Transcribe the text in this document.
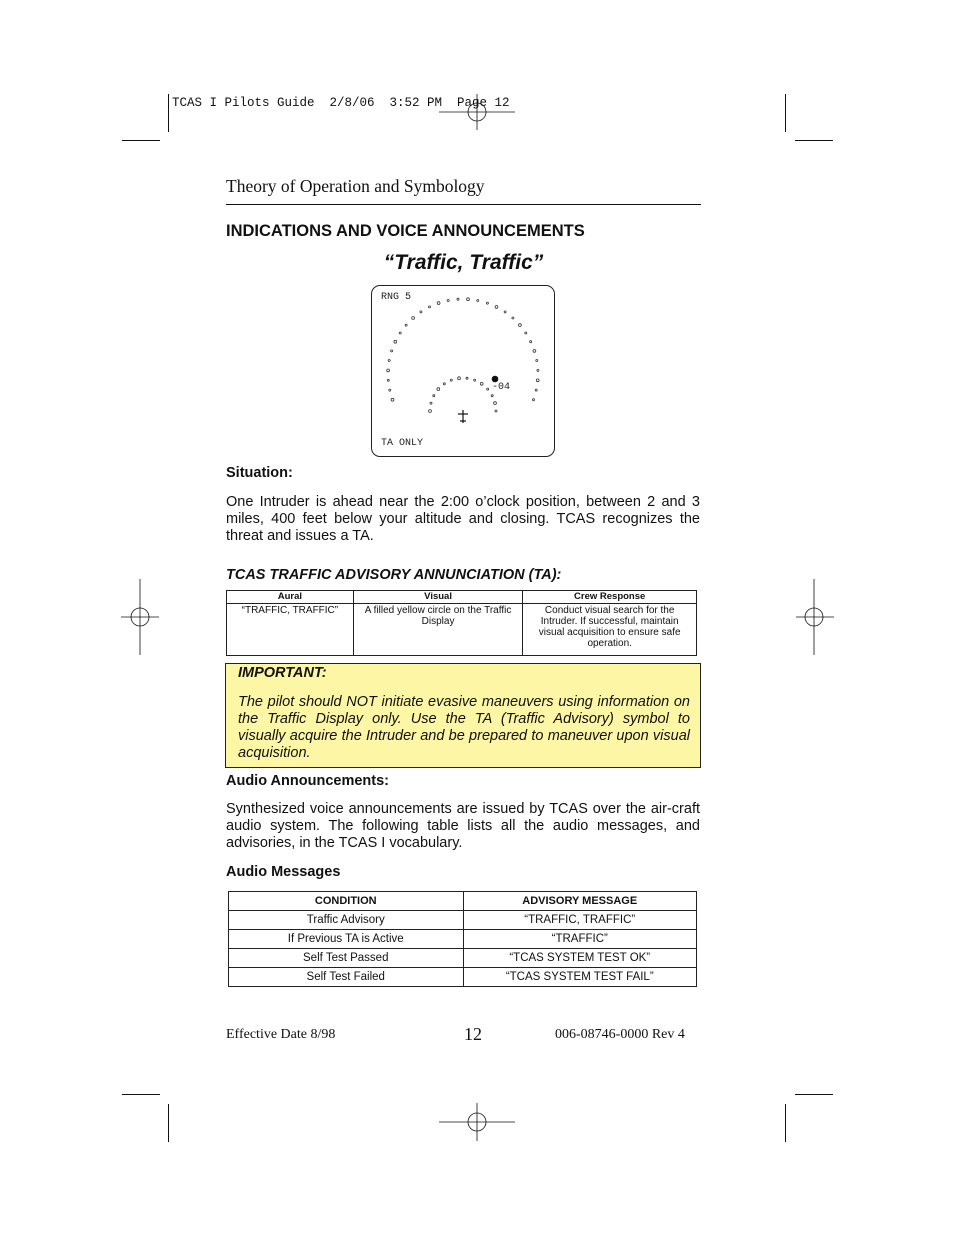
TCAS I Pilots Guide  2/8/06  3:52 PM  Page 12
Theory of Operation and Symbology
INDICATIONS AND VOICE ANNOUNCEMENTS
“Traffic, Traffic”
RNG 5
-04
TA ONLY
Situation:
One Intruder is ahead near the 2:00 o’clock position, between 2 and 3 miles, 400 feet below your altitude and closing. TCAS recognizes the threat and issues a TA.
TCAS TRAFFIC ADVISORY ANNUNCIATION (TA):
Aural	Visual	Crew Response
“TRAFFIC, TRAFFIC”	A filled yellow circle on the Traffic Display	Conduct visual search for the Intruder. If successful, maintain visual acquisition to ensure safe operation.
IMPORTANT:
The pilot should NOT initiate evasive maneuvers using information on the Traffic Display only. Use the TA (Traffic Advisory) symbol to visually acquire the Intruder and be prepared to maneuver upon visual acquisition.
Audio Announcements:
Synthesized voice announcements are issued by TCAS over the air-craft audio system. The following table lists all the audio messages, and advisories, in the TCAS I vocabulary.
Audio Messages
CONDITION	ADVISORY MESSAGE
Traffic Advisory	“TRAFFIC, TRAFFIC”
If Previous TA is Active	“TRAFFIC”
Self Test Passed	“TCAS SYSTEM TEST OK”
Self Test Failed	“TCAS SYSTEM TEST FAIL”
Effective Date 8/98	12	006-08746-0000 Rev 4
